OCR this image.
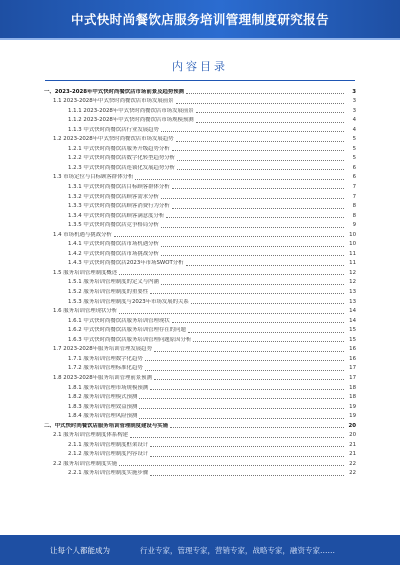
中式快时尚餐饮店服务培训管理制度研究报告
内容目录
一、2023-2028年中式快时尚餐饮店市场前景及趋势预测	3
1.1 2023-2028年中式快时尚餐饮店市场发展前景	3
1.1.1 2023-2028年中式快时尚餐饮店市场发展前景	3
1.1.2 2023-2028年中式快时尚餐饮店市场规模预测	4
1.1.3 中式快时尚餐饮店行业发展趋势	4
1.2 2023-2028年中式快时尚餐饮店市场发展趋势	5
1.2.1 中式快时尚餐饮店服务升级趋势分析	5
1.2.2 中式快时尚餐饮店数字化转型趋势分析	5
1.2.3 中式快时尚餐饮店连锁化发展趋势分析	6
1.3 市场定位与目标顾客群体分析	6
1.3.1 中式快时尚餐饮店目标顾客群体分析	7
1.3.2 中式快时尚餐饮店顾客需求分析	7
1.3.3 中式快时尚餐饮店顾客消费行为分析	8
1.3.4 中式快时尚餐饮店顾客满意度分析	8
1.3.5 中式快时尚餐饮店竞争格局分析	9
1.4 市场机遇与挑战分析	10
1.4.1 中式快时尚餐饮店市场机遇分析	10
1.4.2 中式快时尚餐饮店市场挑战分析	11
1.4.3 中式快时尚餐饮店2023年市场SWOT分析	11
1.5 服务培训管理制度概述	12
1.5.1 服务培训管理制度的定义与内涵	12
1.5.2 服务培训管理制度的重要性	13
1.5.3 服务培训管理制度与2023年市场发展的关系	13
1.6 服务培训管理现状分析	14
1.6.1 中式快时尚餐饮店服务培训管理现状	14
1.6.2 中式快时尚餐饮店服务培训管理存在的问题	15
1.6.3 中式快时尚餐饮店服务培训管理问题原因分析	15
1.7 2023-2028年服务培训管理发展趋势	16
1.7.1 服务培训管理数字化趋势	16
1.7.2 服务培训管理标准化趋势	17
1.8 2023-2028年服务培训管理前景预测	17
1.8.1 服务培训管理市场规模预测	18
1.8.2 服务培训管理模式预测	18
1.8.3 服务培训管理效益预测	19
1.8.4 服务培训管理风险预测	19
二、中式快时尚餐饮店服务培训管理制度建设与实施	20
2.1 服务培训管理制度体系构建	20
2.1.1 服务培训管理制度框架设计	21
2.1.2 服务培训管理制度内容设计	21
2.2 服务培训管理制度实施	22
2.2.1 服务培训管理制度实施步骤	22
让每个人都能成为	行业专家，管理专家，营销专家，战略专家，融资专家……
